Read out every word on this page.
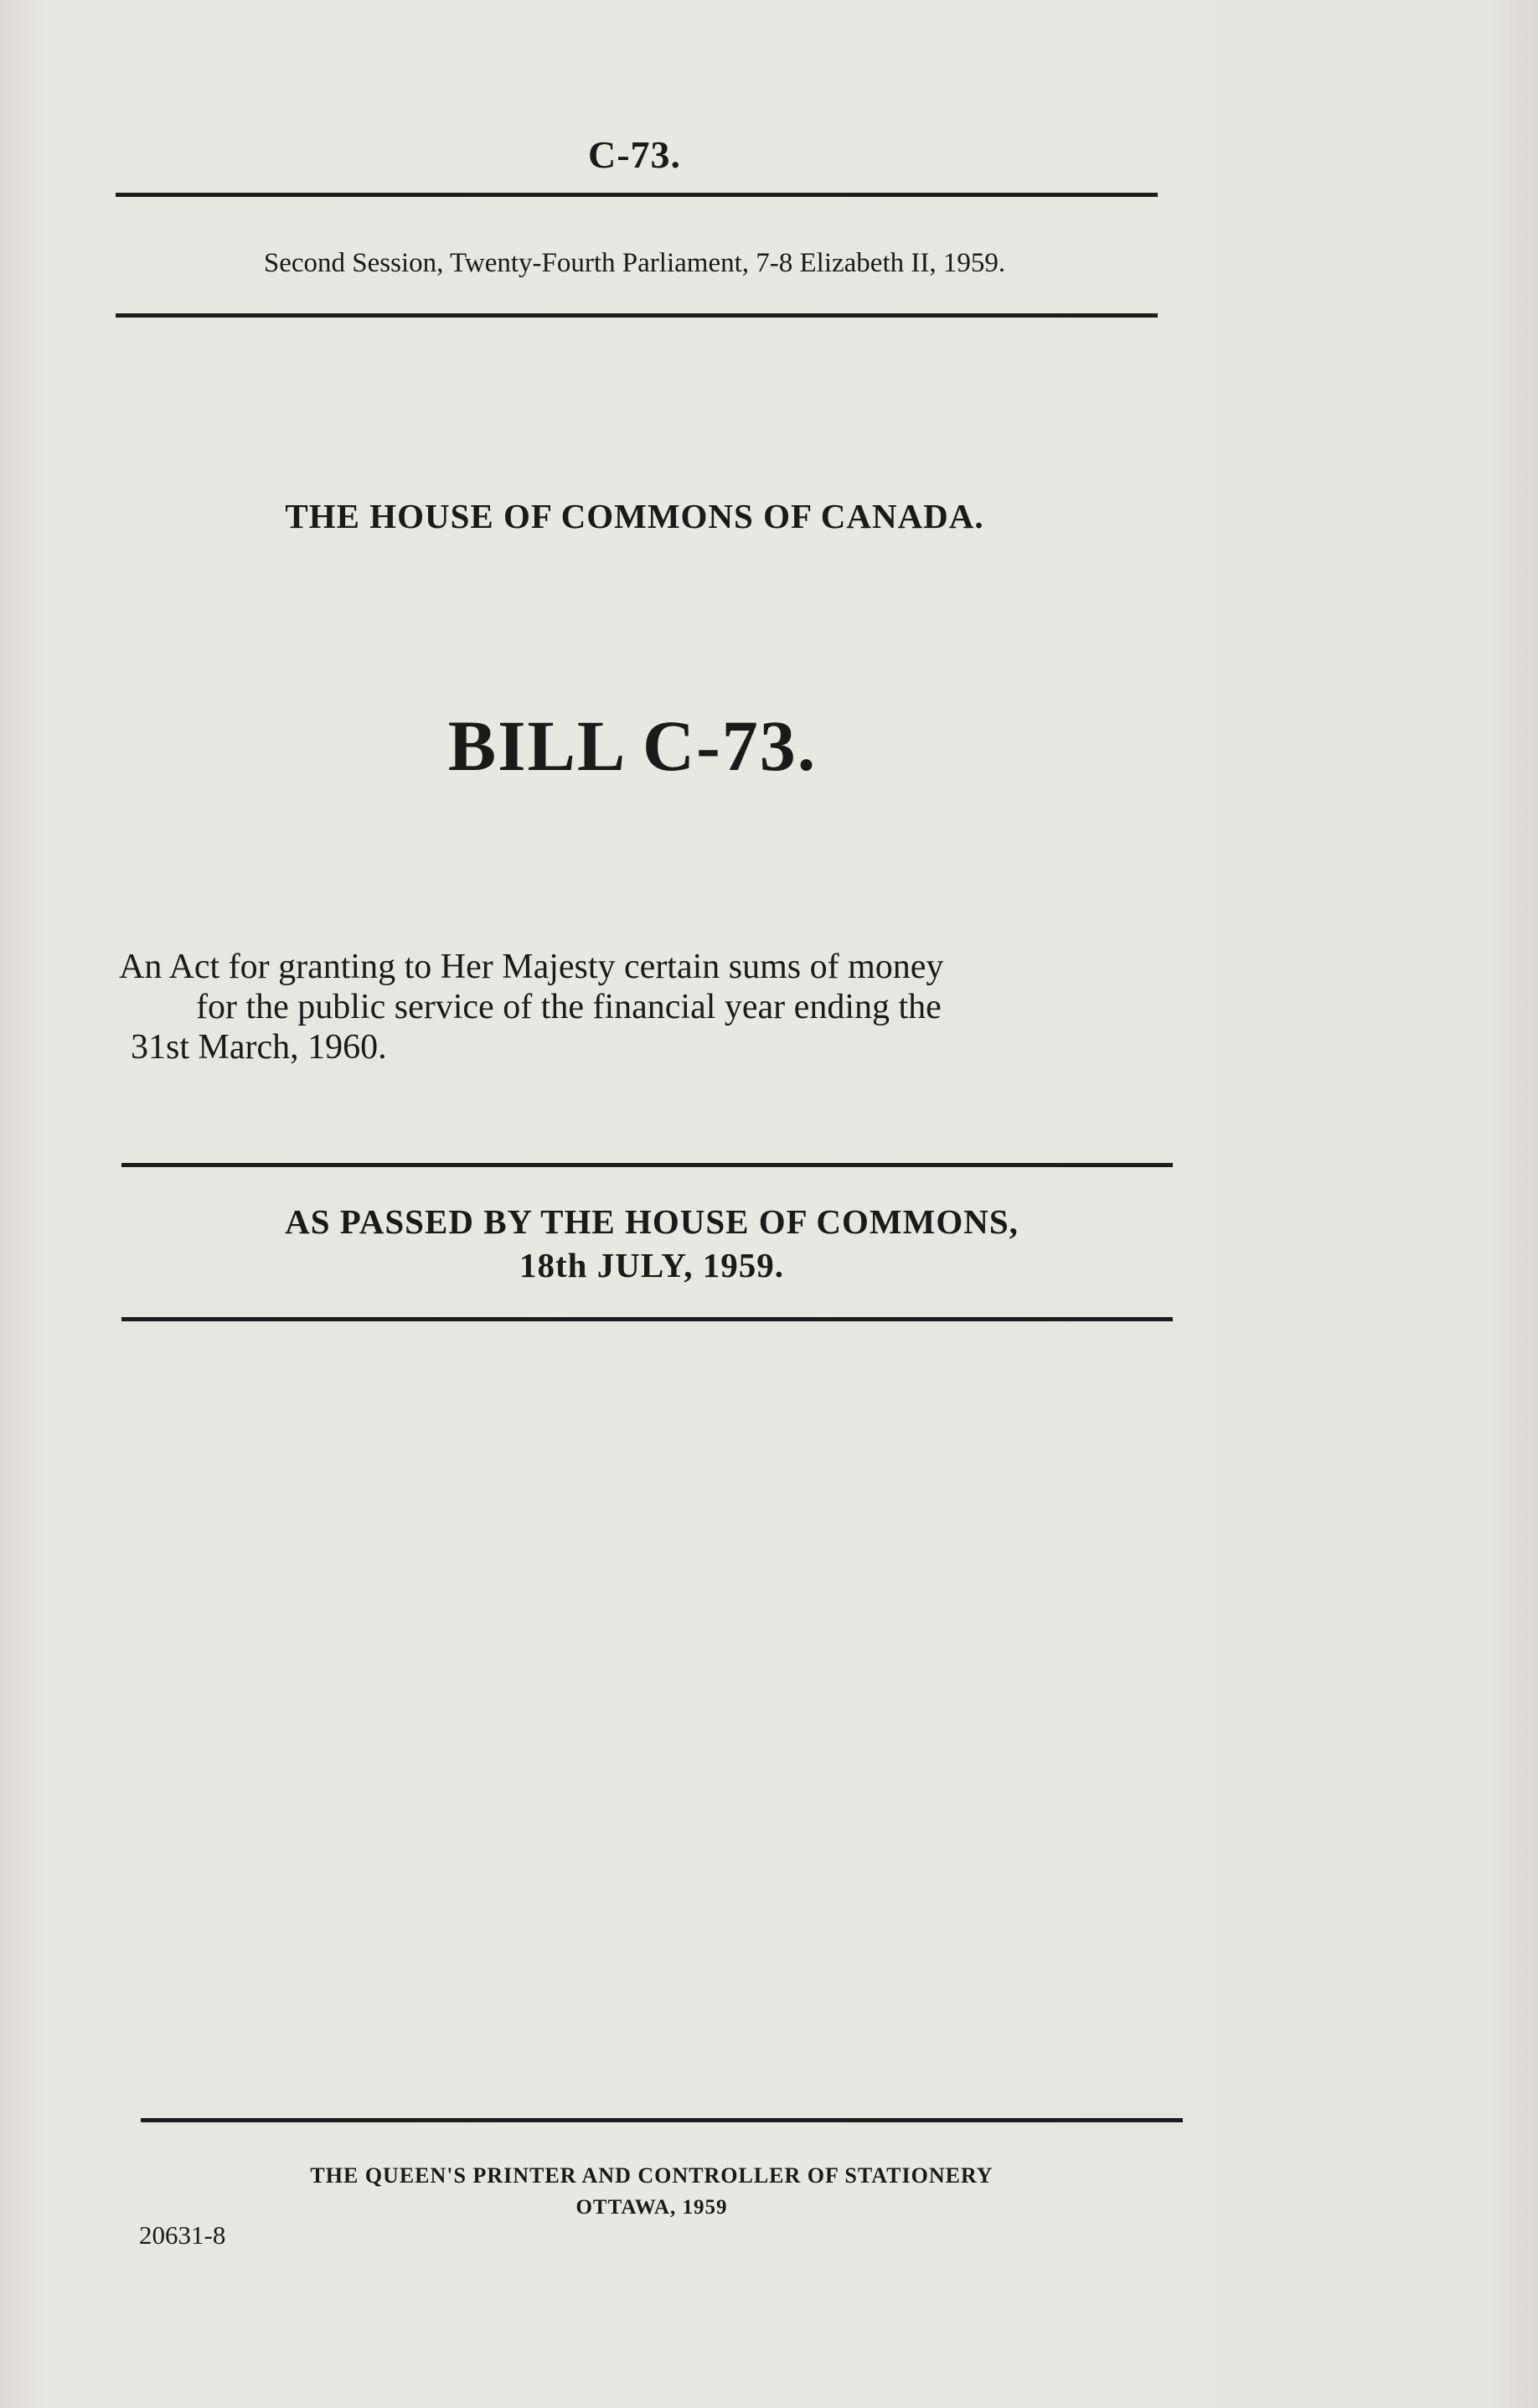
C-73.
Second Session, Twenty-Fourth Parliament, 7-8 Elizabeth II, 1959.
THE HOUSE OF COMMONS OF CANADA.
BILL C-73.
An Act for granting to Her Majesty certain sums of money
for the public service of the financial year ending the
31st March, 1960.
AS PASSED BY THE HOUSE OF COMMONS,
18th JULY, 1959.
THE QUEEN'S PRINTER AND CONTROLLER OF STATIONERY
OTTAWA, 1959
20631-8
